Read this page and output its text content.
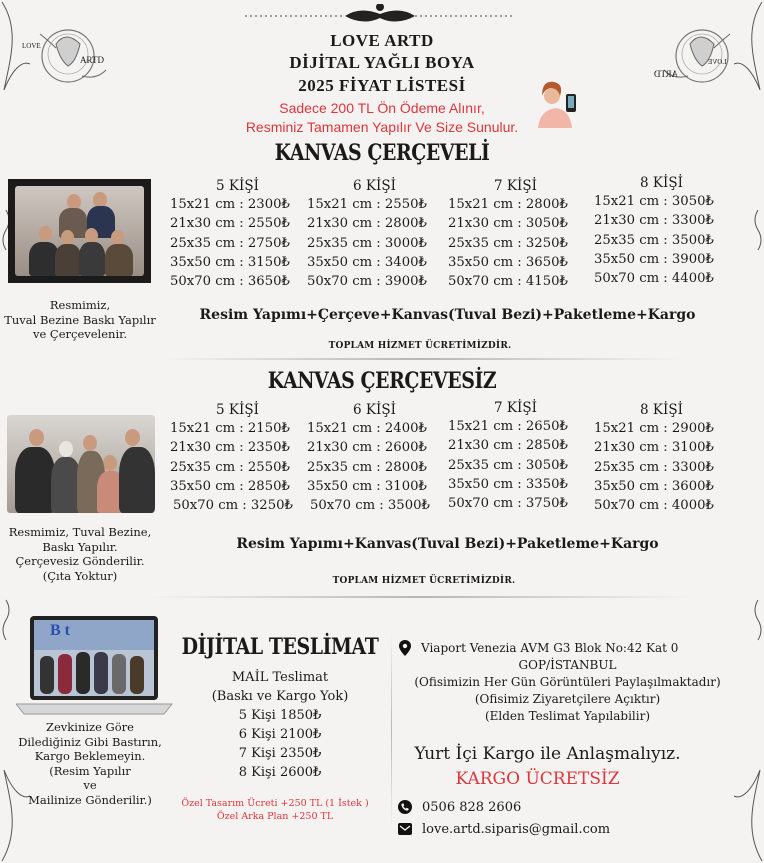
LOVE
ARTD	LOVE
ARTD
LOVE ARTD
DİJİTAL YAĞLI BOYA
2025 FİYAT LİSTESİ
Sadece 200 TL Ön Ödeme Alınır,
Resminiz Tamamen Yapılır Ve Size Sunulur.
KANVAS ÇERÇEVELİ
Resmimiz,
Tuval Bezine Baskı Yapılır
ve Çerçevelenir.
5 KİŞİ
15x21 cm : 2300₺
21x30 cm : 2550₺
25x35 cm : 2750₺
35x50 cm : 3150₺
50x70 cm : 3650₺
6 KİŞİ
15x21 cm : 2550₺
21x30 cm : 2800₺
25x35 cm : 3000₺
35x50 cm : 3400₺
50x70 cm : 3900₺
7 KİŞİ
15x21 cm : 2800₺
21x30 cm : 3050₺
25x35 cm : 3250₺
35x50 cm : 3650₺
50x70 cm : 4150₺
8 KİŞİ
15x21 cm : 3050₺
21x30 cm : 3300₺
25x35 cm : 3500₺
35x50 cm : 3900₺
50x70 cm : 4400₺
Resim Yapımı+Çerçeve+Kanvas(Tuval Bezi)+Paketleme+Kargo
TOPLAM HİZMET ÜCRETİMİZDİR.
KANVAS ÇERÇEVESİZ
Resmimiz, Tuval Bezine,
Baskı Yapılır.
Çerçevesiz Gönderilir.
(Çıta Yoktur)
5 KİŞİ
15x21 cm : 2150₺
21x30 cm : 2350₺
25x35 cm : 2550₺
35x50 cm : 2850₺
50x70 cm : 3250₺
6 KİŞİ
15x21 cm : 2400₺
21x30 cm : 2600₺
25x35 cm : 2800₺
35x50 cm : 3100₺
50x70 cm : 3500₺
7 KİŞİ
15x21 cm : 2650₺
21x30 cm : 2850₺
25x35 cm : 3050₺
35x50 cm : 3350₺
50x70 cm : 3750₺
8 KİŞİ
15x21 cm : 2900₺
21x30 cm : 3100₺
25x35 cm : 3300₺
35x50 cm : 3600₺
50x70 cm : 4000₺
Resim Yapımı+Kanvas(Tuval Bezi)+Paketleme+Kargo
TOPLAM HİZMET ÜCRETİMİZDİR.
B t
Zevkinize Göre
Dilediğiniz Gibi Bastırın,
Kargo Beklemeyin.
(Resim Yapılır
ve
Mailinize Gönderilir.)
DİJİTAL TESLİMAT
MAİL Teslimat
(Baskı ve Kargo Yok)
5 Kişi 1850₺
6 Kişi 2100₺
7 Kişi 2350₺
8 Kişi 2600₺
Özel Tasarım Ücreti +250 TL (1 İstek )
Özel Arka Plan +250 TL
Viaport Venezia AVM G3 Blok No:42 Kat 0
GOP/İSTANBUL
(Ofisimizin Her Gün Görüntüleri Paylaşılmaktadır)
(Ofisimiz Ziyaretçilere Açıktır)
(Elden Teslimat Yapılabilir)
Yurt İçi Kargo ile Anlaşmalıyız.
KARGO ÜCRETSİZ
0506 828 2606
love.artd.siparis@gmail.com
